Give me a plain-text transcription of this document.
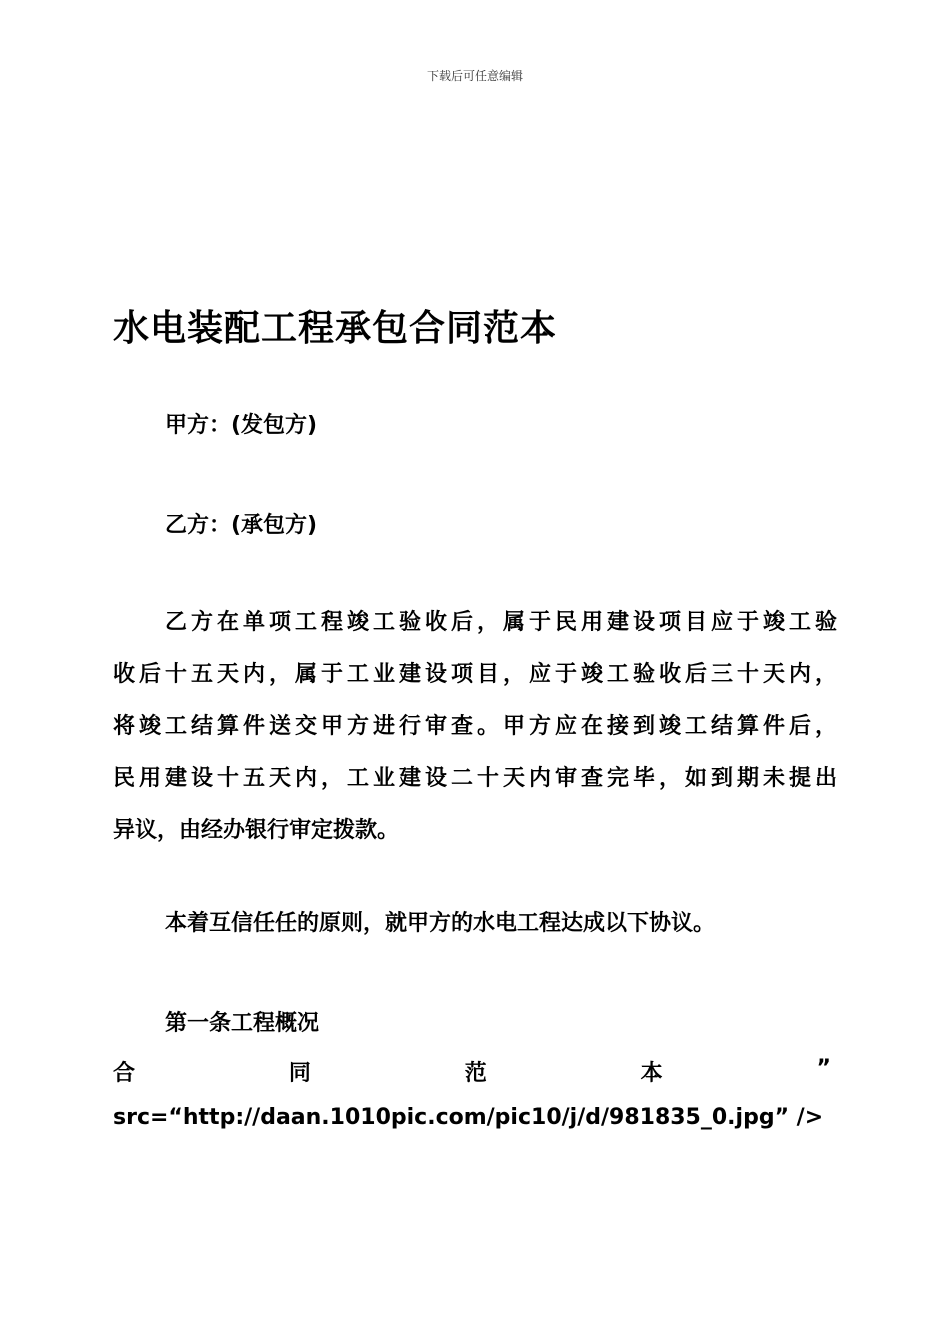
下载后可任意编辑
水电装配工程承包合同范本
甲方：(发包方)
乙方：(承包方)
乙方在单项工程竣工验收后，属于民用建设项目应于竣工验
收后十五天内，属于工业建设项目，应于竣工验收后三十天内，
将竣工结算件送交甲方进行审查。甲方应在接到竣工结算件后，
民用建设十五天内，工业建设二十天内审查完毕，如到期未提出
异议，由经办银行审定拨款。
本着互信任任的原则，就甲方的水电工程达成以下协议。
第一条工程概况
合	同	范	本	”
src=“http://daan.1010pic.com/pic10/j/d/981835_0.jpg” />
